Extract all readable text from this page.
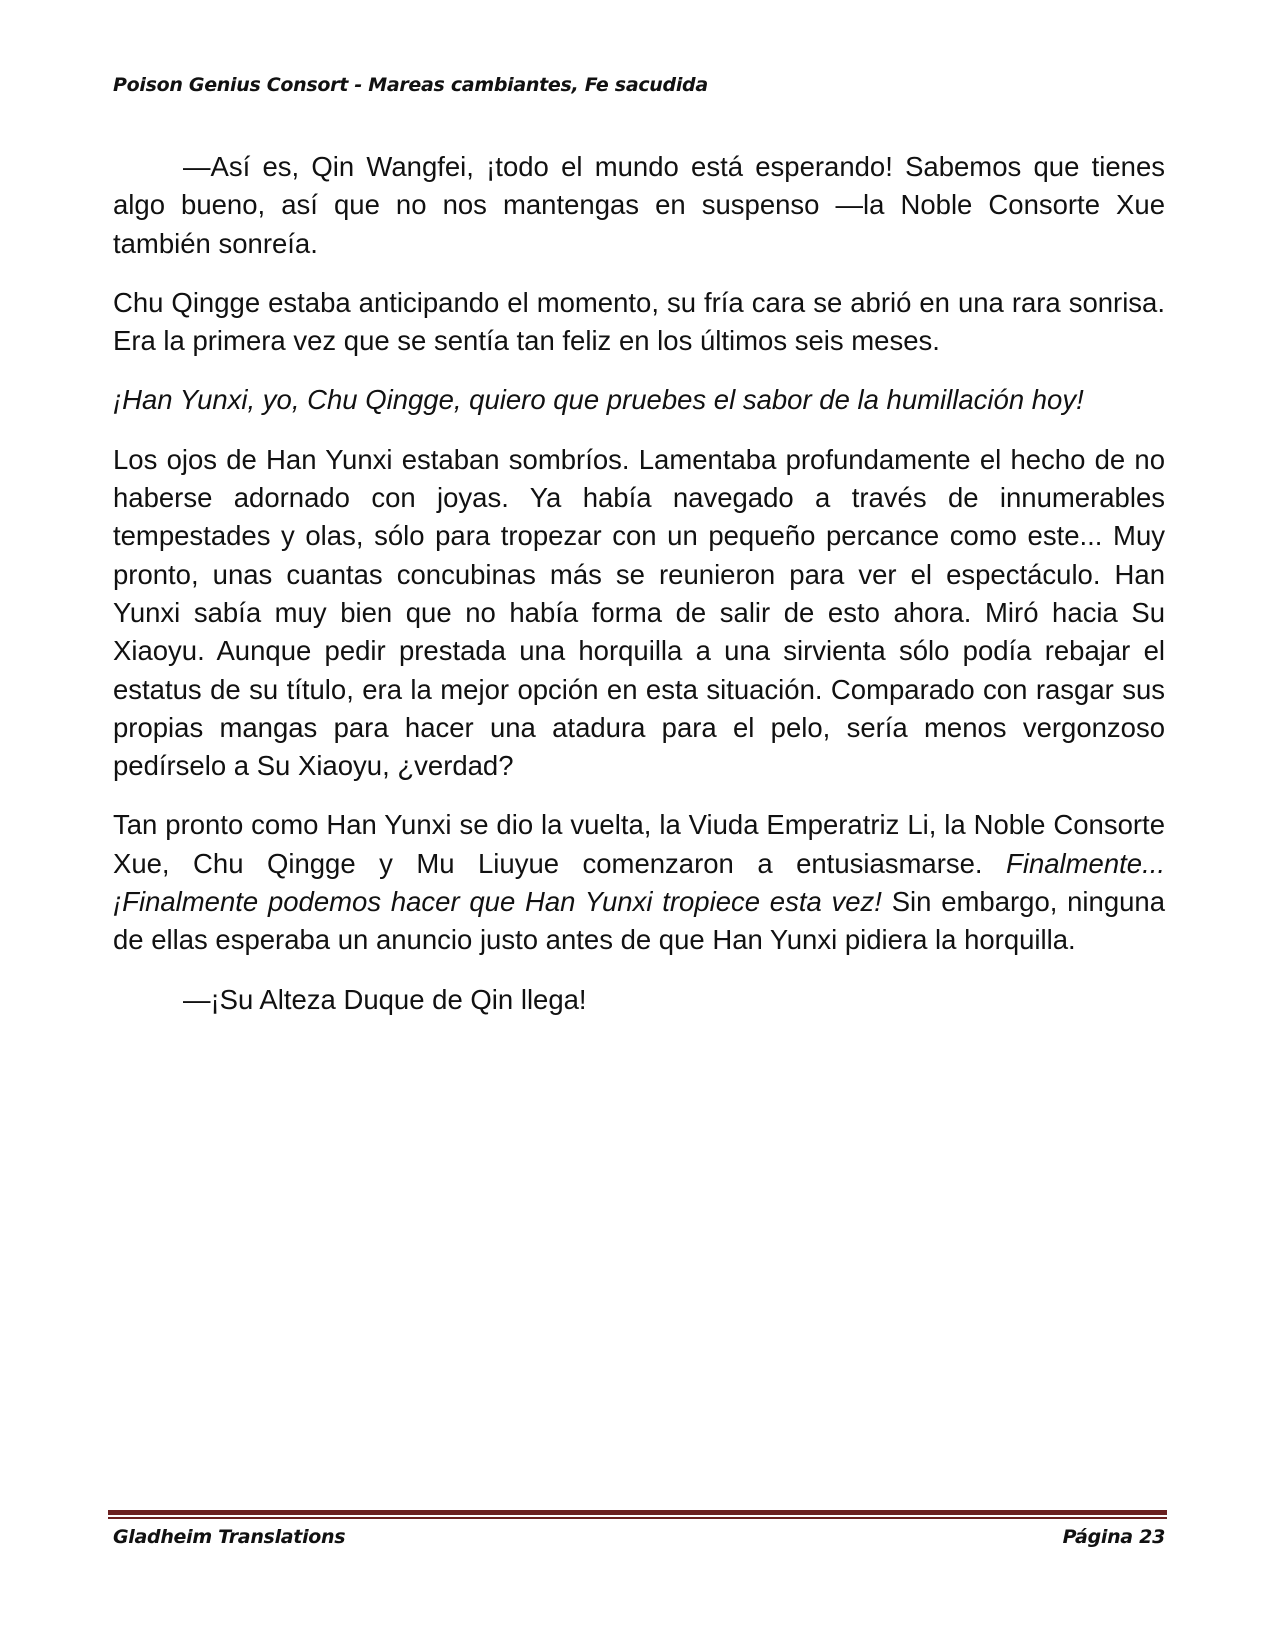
Poison Genius Consort - Mareas cambiantes, Fe sacudida

—Así es, Qin Wangfei, ¡todo el mundo está esperando! Sabemos que tienes algo bueno, así que no nos mantengas en suspenso —la Noble Consorte Xue también sonreía.

Chu Qingge estaba anticipando el momento, su fría cara se abrió en una rara sonrisa. Era la primera vez que se sentía tan feliz en los últimos seis meses.

¡Han Yunxi, yo, Chu Qingge, quiero que pruebes el sabor de la humillación hoy!

Los ojos de Han Yunxi estaban sombríos. Lamentaba profundamente el hecho de no haberse adornado con joyas. Ya había navegado a través de innumerables tempestades y olas, sólo para tropezar con un pequeño percance como este... Muy pronto, unas cuantas concubinas más se reunieron para ver el espectáculo. Han Yunxi sabía muy bien que no había forma de salir de esto ahora. Miró hacia Su Xiaoyu. Aunque pedir prestada una horquilla a una sirvienta sólo podía rebajar el estatus de su título, era la mejor opción en esta situación. Comparado con rasgar sus propias mangas para hacer una atadura para el pelo, sería menos vergonzoso pedírselo a Su Xiaoyu, ¿verdad?

Tan pronto como Han Yunxi se dio la vuelta, la Viuda Emperatriz Li, la Noble Consorte Xue, Chu Qingge y Mu Liuyue comenzaron a entusiasmarse. Finalmente... ¡Finalmente podemos hacer que Han Yunxi tropiece esta vez! Sin embargo, ninguna de ellas esperaba un anuncio justo antes de que Han Yunxi pidiera la horquilla.

—¡Su Alteza Duque de Qin llega!

Gladheim Translations	Página 23
